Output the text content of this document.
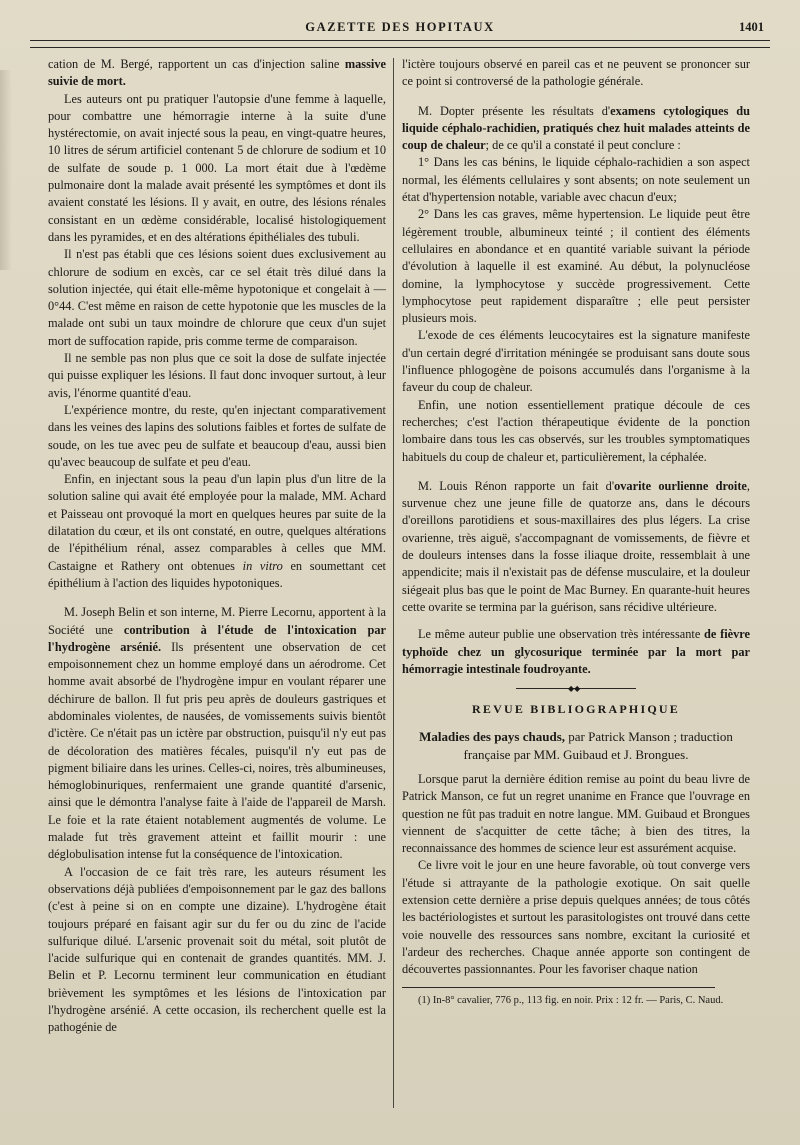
GAZETTE DES HOPITAUX	1401

cation de M. Bergé, rapportent un cas d'injection saline massive suivie de mort.

Les auteurs ont pu pratiquer l'autopsie d'une femme à laquelle, pour combattre une hémorragie interne à la suite d'une hystérectomie, on avait injecté sous la peau, en vingt-quatre heures, 10 litres de sérum artificiel contenant 5 de chlorure de sodium et 10 de sulfate de soude p. 1 000. La mort était due à l'œdème pulmonaire dont la malade avait présenté les symptômes et dont ils avaient constaté les lésions. Il y avait, en outre, des lésions rénales consistant en un œdème considérable, localisé histologiquement dans les pyramides, et en des altérations épithéliales des tubuli.

Il n'est pas établi que ces lésions soient dues exclusivement au chlorure de sodium en excès, car ce sel était très dilué dans la solution injectée, qui était elle-même hypotonique et congelait à — 0°44. C'est même en raison de cette hypotonie que les muscles de la malade ont subi un taux moindre de chlorure que ceux d'un sujet mort de suffocation rapide, pris comme terme de comparaison.

Il ne semble pas non plus que ce soit la dose de sulfate injectée qui puisse expliquer les lésions. Il faut donc invoquer surtout, à leur avis, l'énorme quantité d'eau.

L'expérience montre, du reste, qu'en injectant comparativement dans les veines des lapins des solutions faibles et fortes de sulfate de soude, on les tue avec peu de sulfate et beaucoup d'eau, aussi bien qu'avec beaucoup de sulfate et peu d'eau.

Enfin, en injectant sous la peau d'un lapin plus d'un litre de la solution saline qui avait été employée pour la malade, MM. Achard et Paisseau ont provoqué la mort en quelques heures par suite de la dilatation du cœur, et ils ont constaté, en outre, quelques altérations de l'épithélium rénal, assez comparables à celles que MM. Castaigne et Rathery ont obtenues in vitro en soumettant cet épithélium à l'action des liquides hypotoniques.

M. Joseph Belin et son interne, M. Pierre Lecornu, apportent à la Société une contribution à l'étude de l'intoxication par l'hydrogène arsénié. Ils présentent une observation de cet empoisonnement chez un homme employé dans un aérodrome. Cet homme avait absorbé de l'hydrogène impur en voulant réparer une déchirure de ballon. Il fut pris peu après de douleurs gastriques et abdominales violentes, de nausées, de vomissements suivis bientôt d'ictère. Ce n'était pas un ictère par obstruction, puisqu'il n'y eut pas de décoloration des matières fécales, puisqu'il n'y eut pas de pigment biliaire dans les urines. Celles-ci, noires, très albumineuses, hémoglobinuriques, renfermaient une grande quantité d'arsenic, ainsi que le démontra l'analyse faite à l'aide de l'appareil de Marsh. Le foie et la rate étaient notablement augmentés de volume. Le malade fut très gravement atteint et faillit mourir : une déglobulisation intense fut la conséquence de l'intoxication.

A l'occasion de ce fait très rare, les auteurs résument les observations déjà publiées d'empoisonnement par le gaz des ballons (c'est à peine si on en compte une dizaine). L'hydrogène était toujours préparé en faisant agir sur du fer ou du zinc de l'acide sulfurique dilué. L'arsenic provenait soit du métal, soit plutôt de l'acide sulfurique qui en contenait de grandes quantités. MM. J. Belin et P. Lecornu terminent leur communication en étudiant brièvement les symptômes et les lésions de l'intoxication par l'hydrogène arsénié. A cette occasion, ils recherchent quelle est la pathogénie de

l'ictère toujours observé en pareil cas et ne peuvent se prononcer sur ce point si controversé de la pathologie générale.

M. Dopter présente les résultats d'examens cytologiques du liquide céphalo-rachidien, pratiqués chez huit malades atteints de coup de chaleur; de ce qu'il a constaté il peut conclure :

1° Dans les cas bénins, le liquide céphalo-rachidien a son aspect normal, les éléments cellulaires y sont absents; on note seulement un état d'hypertension notable, variable avec chacun d'eux;

2° Dans les cas graves, même hypertension. Le liquide peut être légèrement trouble, albumineux teinté ; il contient des éléments cellulaires en abondance et en quantité variable suivant la période d'évolution à laquelle il est examiné. Au début, la polynucléose domine, la lymphocytose y succède progressivement. Cette lymphocytose peut rapidement disparaître ; elle peut persister plusieurs mois.

L'exode de ces éléments leucocytaires est la signature manifeste d'un certain degré d'irritation méningée se produisant sans doute sous l'influence phlogogène de poisons accumulés dans l'organisme à la faveur du coup de chaleur.

Enfin, une notion essentiellement pratique découle de ces recherches; c'est l'action thérapeutique évidente de la ponction lombaire dans tous les cas observés, sur les troubles symptomatiques habituels du coup de chaleur et, particulièrement, la céphalée.

M. Louis Rénon rapporte un fait d'ovarite ourlienne droite, survenue chez une jeune fille de quatorze ans, dans le décours d'oreillons parotidiens et sous-maxillaires des plus légers. La crise ovarienne, très aiguë, s'accompagnant de vomissements, de fièvre et de douleurs intenses dans la fosse iliaque droite, ressemblait à une appendicite; mais il n'existait pas de défense musculaire, et la douleur siégeait plus bas que le point de Mac Burney. En quarante-huit heures cette ovarite se termina par la guérison, sans récidive ultérieure.

Le même auteur publie une observation très intéressante de fièvre typhoïde chez un glycosurique terminée par la mort par hémorragie intestinale foudroyante.

◆◆
REVUE BIBLIOGRAPHIQUE
Maladies des pays chauds, par Patrick Manson ; traduction française par MM. Guibaud et J. Brongues.

Lorsque parut la dernière édition remise au point du beau livre de Patrick Manson, ce fut un regret unanime en France que l'ouvrage en question ne fût pas traduit en notre langue. MM. Guibaud et Brongues viennent de s'acquitter de cette tâche; à bien des titres, la reconnaissance des hommes de science leur est assurément acquise.

Ce livre voit le jour en une heure favorable, où tout converge vers l'étude si attrayante de la pathologie exotique. On sait quelle extension cette dernière a prise depuis quelques années; de tous côtés les bactériologistes et surtout les parasitologistes ont trouvé dans cette voie nouvelle des ressources sans nombre, excitant la curiosité et l'ardeur des recherches. Chaque année apporte son contingent de découvertes passionnantes. Pour les favoriser chaque nation

(1) In-8° cavalier, 776 p., 113 fig. en noir. Prix : 12 fr. — Paris, C. Naud.
